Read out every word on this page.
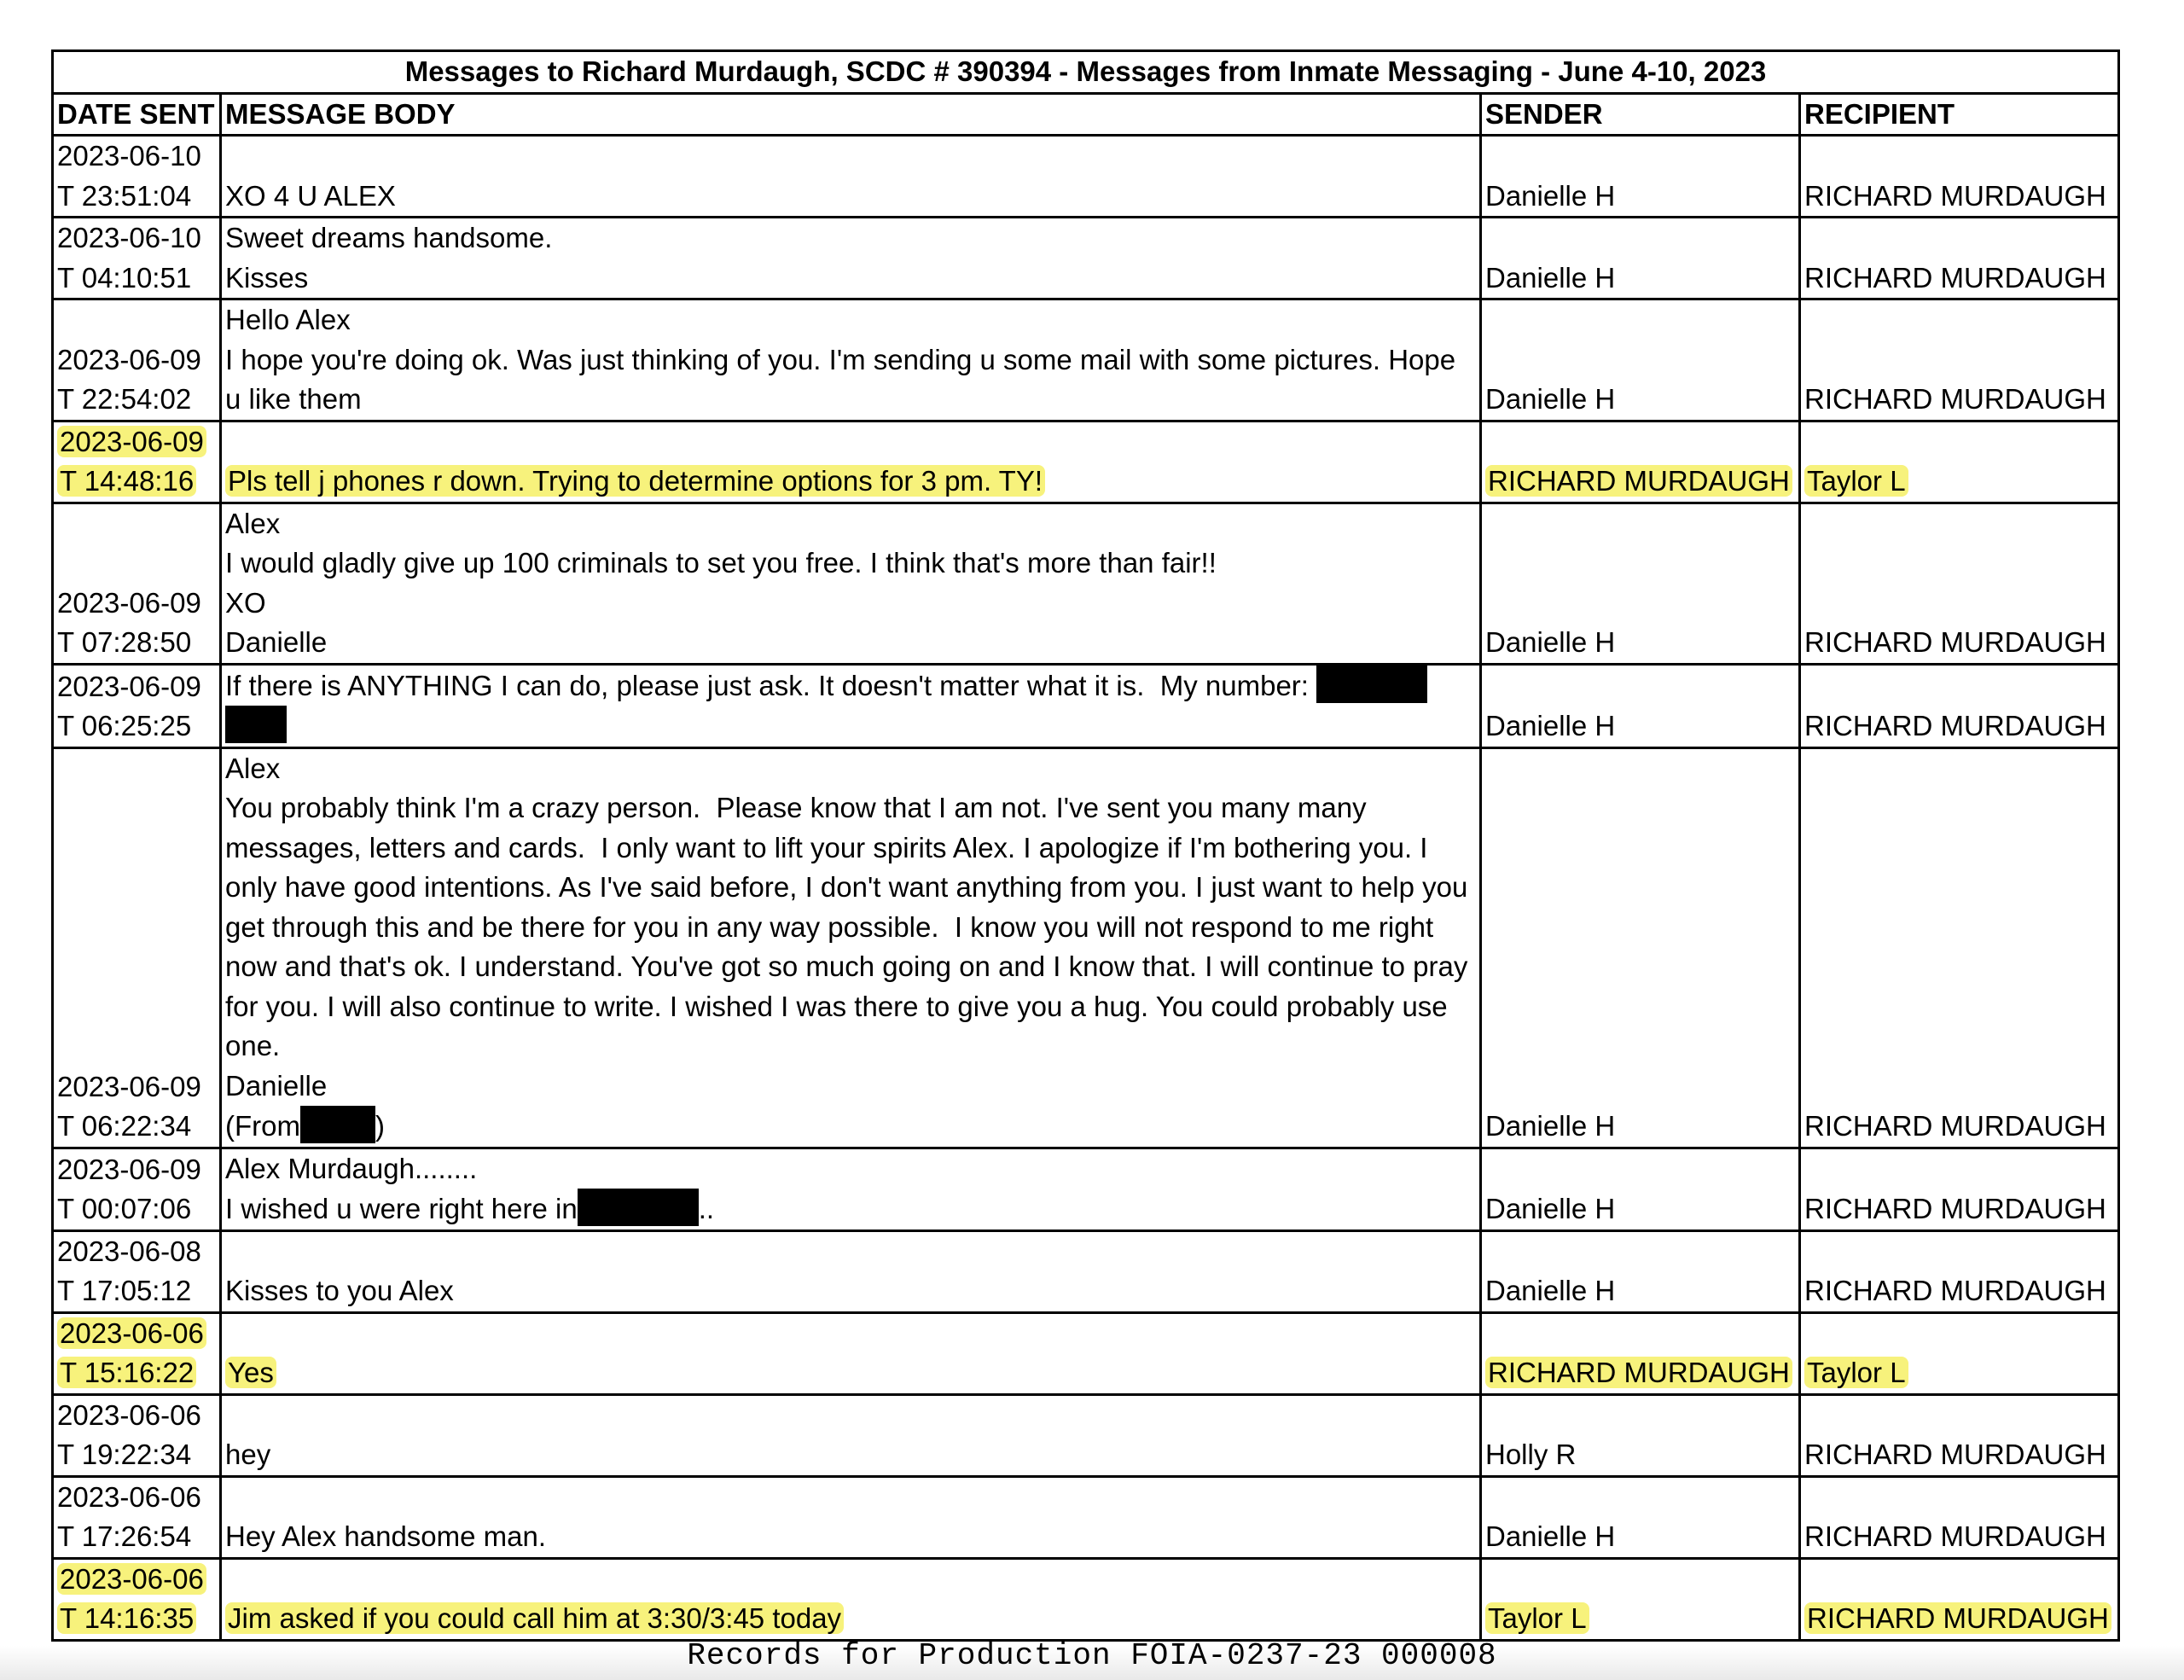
Messages to Richard Murdaugh, SCDC # 390394 - Messages from Inmate Messaging - June 4-10, 2023			
DATE SENT	MESSAGE BODY	SENDER	RECIPIENT
2023-06-10
T 23:51:04	
XO 4 U ALEX	Danielle H	RICHARD MURDAUGH
2023-06-10
T 04:10:51	Sweet dreams handsome.
Kisses	Danielle H	RICHARD MURDAUGH
2023-06-09
T 22:54:02	Hello Alex
I hope you're doing ok. Was just thinking of you. I'm sending u some mail with some pictures. Hope u like them	Danielle H	RICHARD MURDAUGH
2023-06-09
T 14:48:16	Pls tell j phones r down. Trying to determine options for 3 pm. TY!	RICHARD MURDAUGH	Taylor L
2023-06-09
T 07:28:50	Alex
I would gladly give up 100 criminals to set you free. I think that's more than fair!!
XO
Danielle	Danielle H	RICHARD MURDAUGH
2023-06-09
T 06:25:25	If there is ANYTHING I can do, please just ask. It doesn't matter what it is.  My number:	Danielle H	RICHARD MURDAUGH
2023-06-09
T 06:22:34	Alex
You probably think I'm a crazy person.  Please know that I am not. I've sent you many many messages, letters and cards.  I only want to lift your spirits Alex. I apologize if I'm bothering you. I only have good intentions. As I've said before, I don't want anything from you. I just want to help you get through this and be there for you in any way possible.  I know you will not respond to me right now and that's ok. I understand. You've got so much going on and I know that. I will continue to pray for you. I will also continue to write. I wished I was there to give you a hug. You could probably use one.
Danielle
(From )	Danielle H	RICHARD MURDAUGH
2023-06-09
T 00:07:06	Alex Murdaugh........
I wished u were right here in ..	Danielle H	RICHARD MURDAUGH
2023-06-08
T 17:05:12	
Kisses to you Alex	Danielle H	RICHARD MURDAUGH
2023-06-06
T 15:16:22	Yes	RICHARD MURDAUGH	Taylor L
2023-06-06
T 19:22:34	
hey	Holly R	RICHARD MURDAUGH
2023-06-06
T 17:26:54	
Hey Alex handsome man.	Danielle H	RICHARD MURDAUGH
2023-06-06
T 14:16:35	Jim asked if you could call him at 3:30/3:45 today	Taylor L	RICHARD MURDAUGH
Records for Production FOIA-0237-23 000008
